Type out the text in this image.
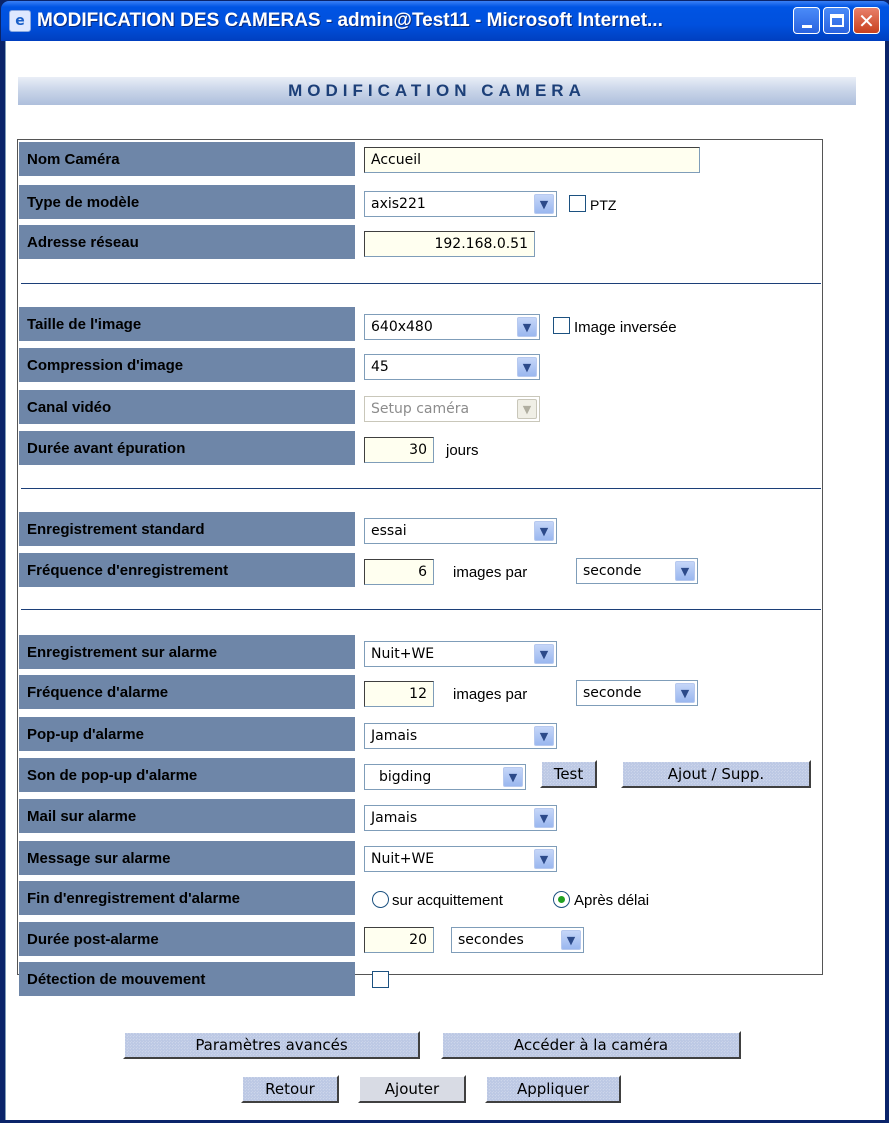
e MODIFICATION DES CAMERAS - admin@Test11 - Microsoft Internet...	✕
MODIFICATION CAMERA
Nom Caméra	Accueil
Type de modèle	axis221	▼	PTZ
Adresse réseau	192.168.0.51
Taille de l'image	640x480	▼	Image inversée
Compression d'image	45	▼
Canal vidéo	Setup caméra	▼
Durée avant épuration	30	jours
Enregistrement standard	essai	▼
Fréquence d'enregistrement	6	images par	seconde	▼
Enregistrement sur alarme	Nuit+WE	▼
Fréquence d'alarme	12	images par	seconde	▼
Pop-up d'alarme	Jamais	▼
Son de pop-up d'alarme	bigding	▼	Test	Ajout / Supp.
Mail sur alarme	Jamais	▼
Message sur alarme	Nuit+WE	▼
Fin d'enregistrement d'alarme	sur acquittement	Après délai
Durée post-alarme	20	secondes	▼
Détection de mouvement
Paramètres avancés	Accéder à la caméra
Retour	Ajouter	Appliquer
